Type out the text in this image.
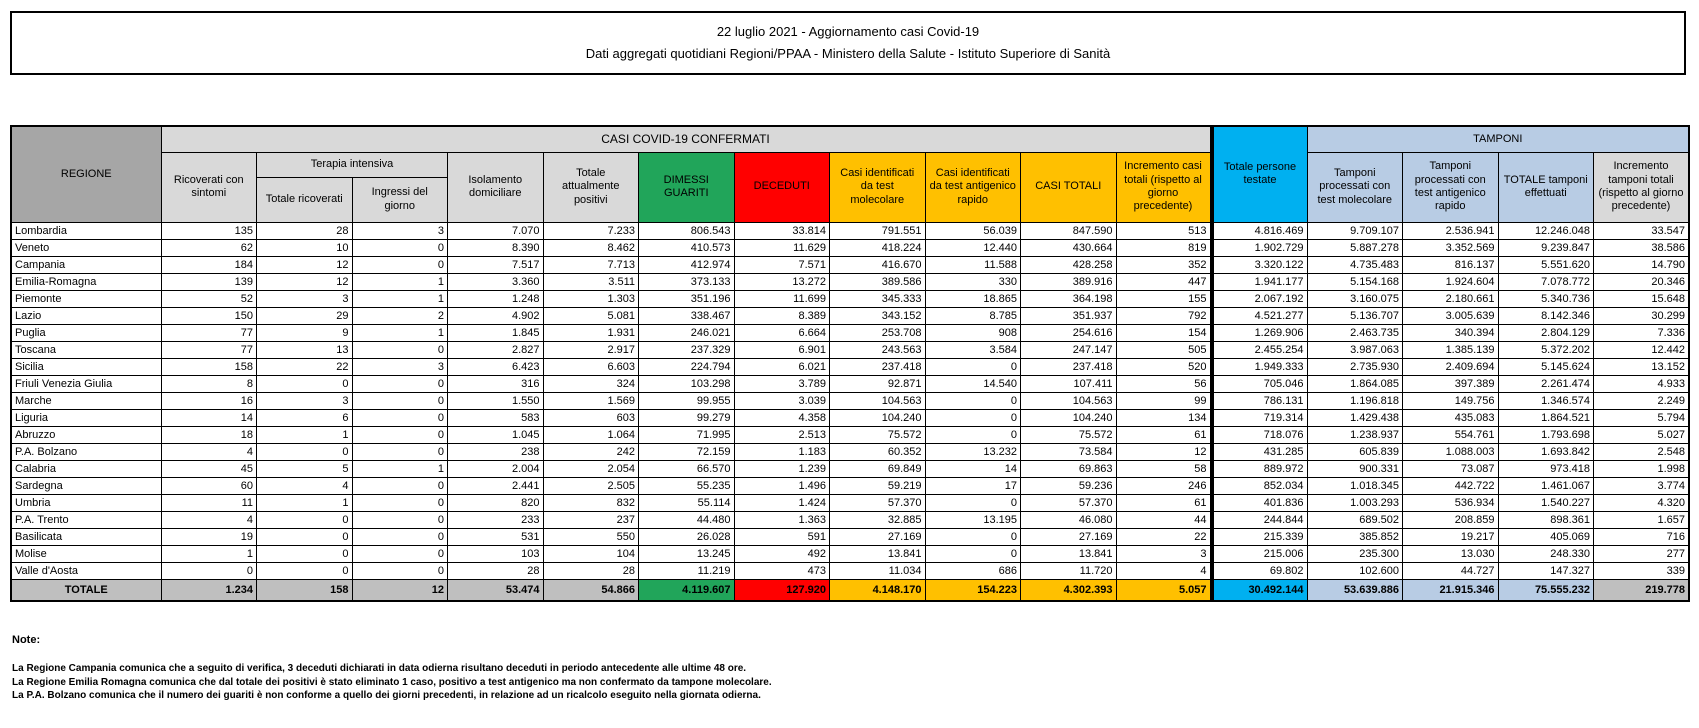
22 luglio 2021 - Aggiornamento casi Covid-19
Dati aggregati quotidiani Regioni/PPAA - Ministero della Salute - Istituto Superiore di Sanità
REGIONE	CASI COVID-19 CONFERMATI											Totale persone testate	TAMPONI			
	Ricoverati con sintomi	Terapia intensiva		Isolamento domiciliare	Totale attualmente positivi	DIMESSI GUARITI	DECEDUTI	Casi identificati da test molecolare	Casi identificati da test antigenico rapido	CASI TOTALI	Incremento casi totali (rispetto al giorno precedente)		Tamponi processati con test molecolare	Tamponi processati con test antigenico rapido	TOTALE tamponi effettuati	Incremento tamponi totali (rispetto al giorno precedente)
		Totale ricoverati	Ingressi del giorno													
Lombardia	135	28	3	7.070	7.233	806.543	33.814	791.551	56.039	847.590	513	4.816.469	9.709.107	2.536.941	12.246.048	33.547
Veneto	62	10	0	8.390	8.462	410.573	11.629	418.224	12.440	430.664	819	1.902.729	5.887.278	3.352.569	9.239.847	38.586
Campania	184	12	0	7.517	7.713	412.974	7.571	416.670	11.588	428.258	352	3.320.122	4.735.483	816.137	5.551.620	14.790
Emilia-Romagna	139	12	1	3.360	3.511	373.133	13.272	389.586	330	389.916	447	1.941.177	5.154.168	1.924.604	7.078.772	20.346
Piemonte	52	3	1	1.248	1.303	351.196	11.699	345.333	18.865	364.198	155	2.067.192	3.160.075	2.180.661	5.340.736	15.648
Lazio	150	29	2	4.902	5.081	338.467	8.389	343.152	8.785	351.937	792	4.521.277	5.136.707	3.005.639	8.142.346	30.299
Puglia	77	9	1	1.845	1.931	246.021	6.664	253.708	908	254.616	154	1.269.906	2.463.735	340.394	2.804.129	7.336
Toscana	77	13	0	2.827	2.917	237.329	6.901	243.563	3.584	247.147	505	2.455.254	3.987.063	1.385.139	5.372.202	12.442
Sicilia	158	22	3	6.423	6.603	224.794	6.021	237.418	0	237.418	520	1.949.333	2.735.930	2.409.694	5.145.624	13.152
Friuli Venezia Giulia	8	0	0	316	324	103.298	3.789	92.871	14.540	107.411	56	705.046	1.864.085	397.389	2.261.474	4.933
Marche	16	3	0	1.550	1.569	99.955	3.039	104.563	0	104.563	99	786.131	1.196.818	149.756	1.346.574	2.249
Liguria	14	6	0	583	603	99.279	4.358	104.240	0	104.240	134	719.314	1.429.438	435.083	1.864.521	5.794
Abruzzo	18	1	0	1.045	1.064	71.995	2.513	75.572	0	75.572	61	718.076	1.238.937	554.761	1.793.698	5.027
P.A. Bolzano	4	0	0	238	242	72.159	1.183	60.352	13.232	73.584	12	431.285	605.839	1.088.003	1.693.842	2.548
Calabria	45	5	1	2.004	2.054	66.570	1.239	69.849	14	69.863	58	889.972	900.331	73.087	973.418	1.998
Sardegna	60	4	0	2.441	2.505	55.235	1.496	59.219	17	59.236	246	852.034	1.018.345	442.722	1.461.067	3.774
Umbria	11	1	0	820	832	55.114	1.424	57.370	0	57.370	61	401.836	1.003.293	536.934	1.540.227	4.320
P.A. Trento	4	0	0	233	237	44.480	1.363	32.885	13.195	46.080	44	244.844	689.502	208.859	898.361	1.657
Basilicata	19	0	0	531	550	26.028	591	27.169	0	27.169	22	215.339	385.852	19.217	405.069	716
Molise	1	0	0	103	104	13.245	492	13.841	0	13.841	3	215.006	235.300	13.030	248.330	277
Valle d'Aosta	0	0	0	28	28	11.219	473	11.034	686	11.720	4	69.802	102.600	44.727	147.327	339
TOTALE	1.234	158	12	53.474	54.866	4.119.607	127.920	4.148.170	154.223	4.302.393	5.057	30.492.144	53.639.886	21.915.346	75.555.232	219.778

Note:

La Regione Campania comunica che a seguito di verifica, 3 deceduti dichiarati in data odierna risultano deceduti in periodo antecedente alle ultime 48 ore.
La Regione Emilia Romagna comunica che dal totale dei positivi è stato eliminato 1 caso, positivo a test antigenico ma non confermato da tampone molecolare.
La P.A. Bolzano comunica che il numero dei guariti è non conforme a quello dei giorni precedenti, in relazione ad un ricalcolo eseguito nella giornata odierna.
